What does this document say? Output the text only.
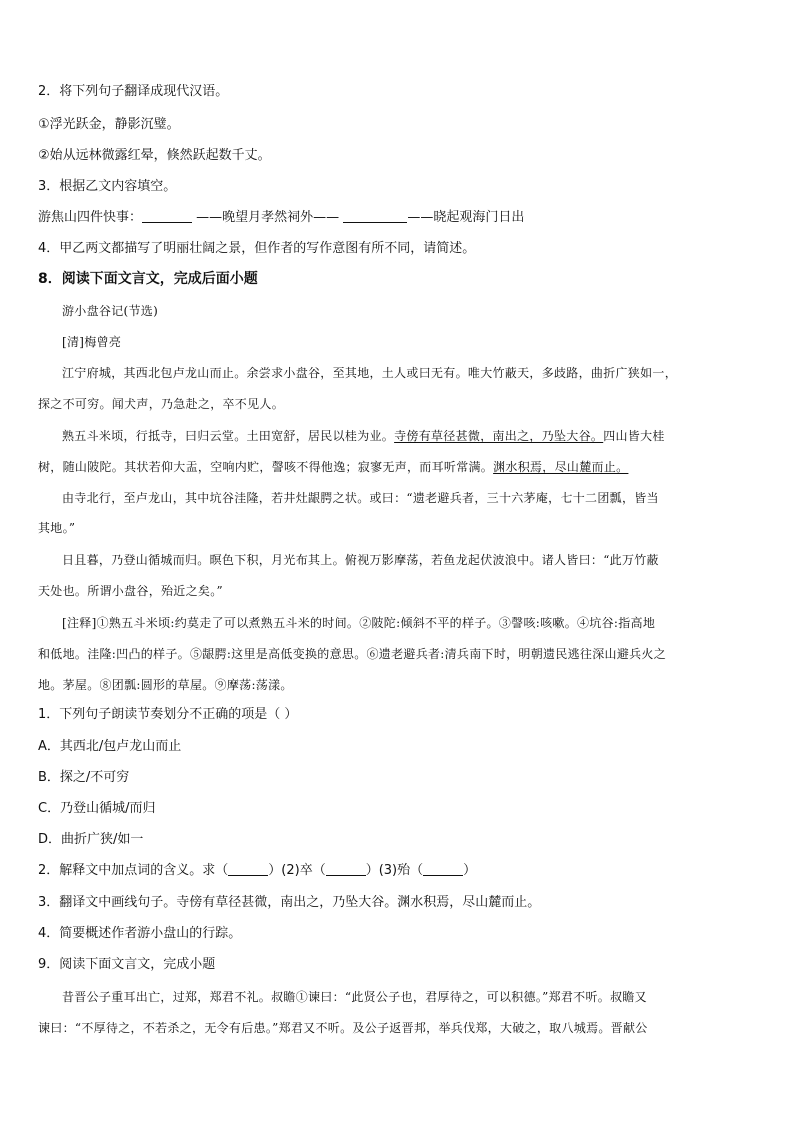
2．将下列句子翻译成现代汉语。
①浮光跃金，静影沉璧。
②始从远林微露红晕，倏然跃起数千丈。
3．根据乙文内容填空。
游焦山四件快事：	——晚望月孝然祠外——	——晓起观海门日出
4．甲乙两文都描写了明丽壮阔之景，但作者的写作意图有所不同，请简述。
8．阅读下面文言文，完成后面小题
游小盘谷记(节选)
[清]梅曾亮
江宁府城，其西北包卢龙山而止。余尝求小盘谷，至其地，土人或曰无有。唯大竹蔽天，多歧路，曲折广狭如一，
探之不可穷。闻犬声，乃急赴之，卒不见人。
熟五斗米顷，行抵寺，曰归云堂。土田宽舒，居民以桂为业。寺傍有草径甚微，南出之，乃坠大谷。四山皆大桂
树，随山陂陀。其状若仰大盂，空响内贮，謦咳不得他逸；寂寥无声，而耳听常满。渊水积焉，尽山麓而止。
由寺北行，至卢龙山，其中坑谷洼隆，若井灶龈腭之状。或曰：“遗老避兵者，三十六茅庵，七十二团瓢，皆当
其地。”
日且暮，乃登山循城而归。暝色下积，月光布其上。俯视万影摩荡，若鱼龙起伏波浪中。诸人皆曰：“此万竹蔽
天处也。所谓小盘谷，殆近之矣。”
[注释]①熟五斗米顷:约莫走了可以煮熟五斗米的时间。②陂陀:倾斜不平的样子。③謦咳:咳嗽。④坑谷:指高地
和低地。洼隆:凹凸的样子。⑤龈腭:这里是高低变换的意思。⑥遗老避兵者:清兵南下时，明朝遗民逃往深山避兵火之
地。茅屋。⑧团瓢:圆形的草屋。⑨摩荡:荡漾。
1．下列句子朗读节奏划分不正确的项是（ ）
A．其西北/包卢龙山而止
B．探之/不可穷
C．乃登山循城/而归
D．曲折广狭/如一
2．解释文中加点词的含义。求（	）(2)卒（	）(3)殆（	）
3．翻译文中画线句子。寺傍有草径甚微，南出之，乃坠大谷。渊水积焉，尽山麓而止。
4．简要概述作者游小盘山的行踪。
9．阅读下面文言文，完成小题
昔晋公子重耳出亡，过郑，郑君不礼。叔瞻①谏曰：“此贤公子也，君厚待之，可以积德。”郑君不听。叔瞻又
谏曰：“不厚待之，不若杀之，无令有后患。”郑君又不听。及公子返晋邦，举兵伐郑，大破之，取八城焉。晋献公
